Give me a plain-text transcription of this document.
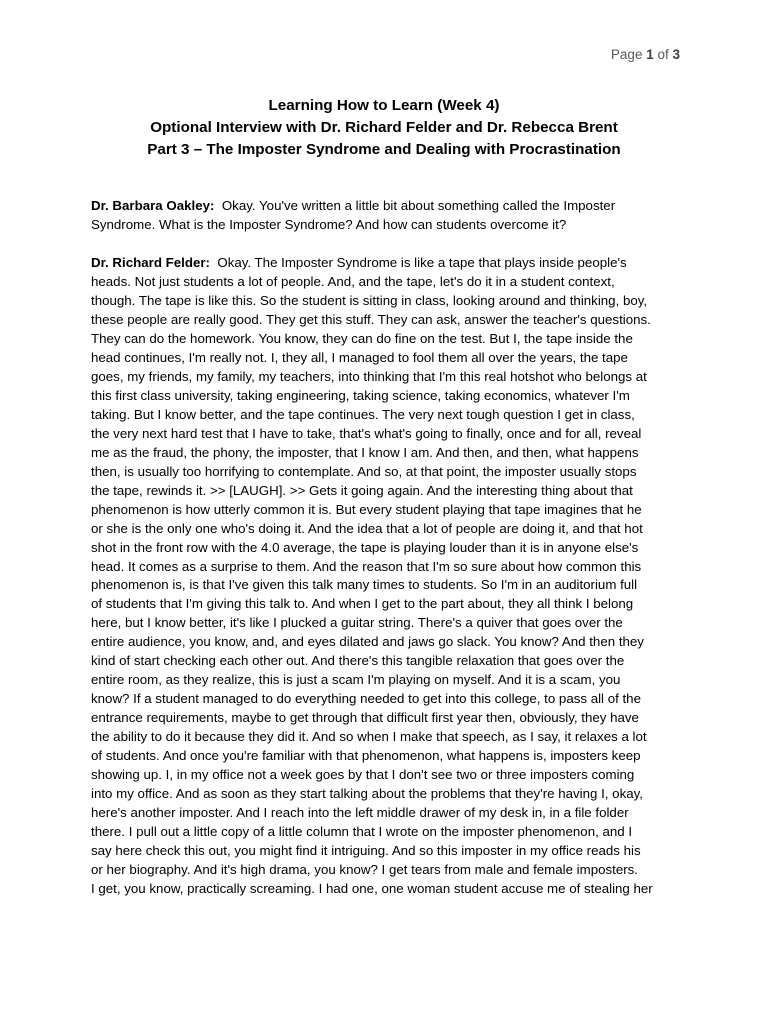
Page 1 of 3
Learning How to Learn (Week 4)
Optional Interview with Dr. Richard Felder and Dr. Rebecca Brent
Part 3 – The Imposter Syndrome and Dealing with Procrastination
Dr. Barbara Oakley: Okay. You've written a little bit about something called the Imposter
Syndrome. What is the Imposter Syndrome? And how can students overcome it?
Dr. Richard Felder: Okay. The Imposter Syndrome is like a tape that plays inside people's
heads. Not just students a lot of people. And, and the tape, let's do it in a student context,
though. The tape is like this. So the student is sitting in class, looking around and thinking, boy,
these people are really good. They get this stuff. They can ask, answer the teacher's questions.
They can do the homework. You know, they can do fine on the test. But I, the tape inside the
head continues, I'm really not. I, they all, I managed to fool them all over the years, the tape
goes, my friends, my family, my teachers, into thinking that I'm this real hotshot who belongs at
this first class university, taking engineering, taking science, taking economics, whatever I'm
taking. But I know better, and the tape continues. The very next tough question I get in class,
the very next hard test that I have to take, that's what's going to finally, once and for all, reveal
me as the fraud, the phony, the imposter, that I know I am. And then, and then, what happens
then, is usually too horrifying to contemplate. And so, at that point, the imposter usually stops
the tape, rewinds it. >> [LAUGH]. >> Gets it going again. And the interesting thing about that
phenomenon is how utterly common it is. But every student playing that tape imagines that he
or she is the only one who's doing it. And the idea that a lot of people are doing it, and that hot
shot in the front row with the 4.0 average, the tape is playing louder than it is in anyone else's
head. It comes as a surprise to them. And the reason that I'm so sure about how common this
phenomenon is, is that I've given this talk many times to students. So I'm in an auditorium full
of students that I'm giving this talk to. And when I get to the part about, they all think I belong
here, but I know better, it's like I plucked a guitar string. There's a quiver that goes over the
entire audience, you know, and, and eyes dilated and jaws go slack. You know? And then they
kind of start checking each other out. And there's this tangible relaxation that goes over the
entire room, as they realize, this is just a scam I'm playing on myself. And it is a scam, you
know? If a student managed to do everything needed to get into this college, to pass all of the
entrance requirements, maybe to get through that difficult first year then, obviously, they have
the ability to do it because they did it. And so when I make that speech, as I say, it relaxes a lot
of students. And once you're familiar with that phenomenon, what happens is, imposters keep
showing up. I, in my office not a week goes by that I don't see two or three imposters coming
into my office. And as soon as they start talking about the problems that they're having I, okay,
here's another imposter. And I reach into the left middle drawer of my desk in, in a file folder
there. I pull out a little copy of a little column that I wrote on the imposter phenomenon, and I
say here check this out, you might find it intriguing. And so this imposter in my office reads his
or her biography. And it's high drama, you know? I get tears from male and female imposters.
I get, you know, practically screaming. I had one, one woman student accuse me of stealing her
